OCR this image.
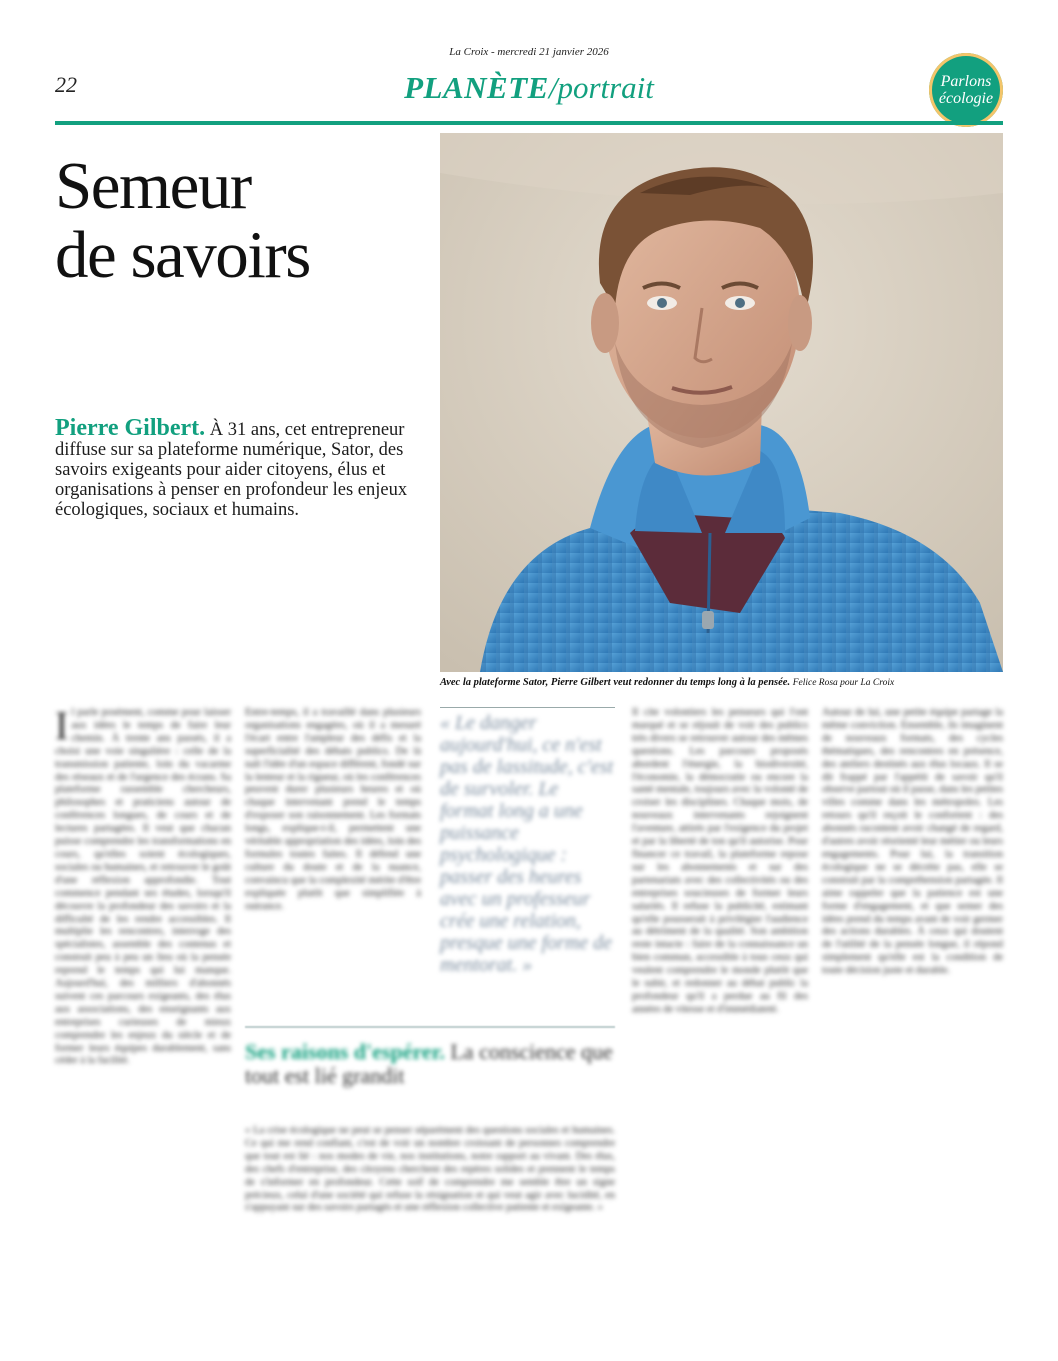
La Croix - mercredi 21 janvier 2026
22	PLANÈTE/portrait	Parlons
écologie
Semeur
de savoirs

Pierre Gilbert. À 31 ans, cet entrepreneur diffuse sur sa plateforme numérique, Sator, des savoirs exigeants pour aider citoyens, élus et organisations à penser en profondeur les enjeux écologiques, sociaux et humains.

Avec la plateforme Sator, Pierre Gilbert veut redonner du temps long à la pensée. Felice Rosa pour La Croix
Il parle posément, comme pour laisser aux idées le temps de faire leur chemin. À trente ans passés, il a choisi une voie singulière : celle de la transmission patiente, loin du vacarme des réseaux et de l'urgence des écrans. Sa plateforme rassemble chercheurs, philosophes et praticiens autour de conférences longues, de cours et de lectures partagées. Il veut que chacun puisse comprendre les transformations en cours, qu'elles soient écologiques, sociales ou humaines, et retrouver le goût d'une réflexion approfondie. Tout commence pendant ses études, lorsqu'il découvre la profondeur des savoirs et la difficulté de les rendre accessibles. Il multiplie les rencontres, interroge des spécialistes, assemble des contenus et construit peu à peu un lieu où la pensée reprend le temps qui lui manque. Aujourd'hui, des milliers d'abonnés suivent ces parcours exigeants, des élus aux associations, des enseignants aux entreprises curieuses de mieux comprendre les enjeux du siècle et de former leurs équipes durablement, sans céder à la facilité.
Entre-temps, il a travaillé dans plusieurs organisations engagées, où il a mesuré l'écart entre l'ampleur des défis et la superficialité des débats publics. De là naît l'idée d'un espace différent, fondé sur la lenteur et la rigueur, où les conférences peuvent durer plusieurs heures et où chaque intervenant prend le temps d'exposer son raisonnement. Les formats longs, explique-t-il, permettent une véritable appropriation des idées, loin des formules toutes faites. Il défend une culture du doute et de la nuance, convaincu que la complexité mérite d'être expliquée plutôt que simplifiée à outrance.
« Le danger aujourd'hui, ce n'est pas de lassitude, c'est de survoler. Le format long a une puissance psychologique : passer des heures avec un professeur crée une relation, presque une forme de mentorat. »
Ses raisons d'espérer. La conscience que tout est lié grandit
« La crise écologique ne peut se penser séparément des questions sociales et humaines. Ce qui me rend confiant, c'est de voir un nombre croissant de personnes comprendre que tout est lié : nos modes de vie, nos institutions, notre rapport au vivant. Des élus, des chefs d'entreprise, des citoyens cherchent des repères solides et prennent le temps de s'informer en profondeur. Cette soif de comprendre me semble être un signe précieux, celui d'une société qui refuse la résignation et qui veut agir avec lucidité, en s'appuyant sur des savoirs partagés et une réflexion collective patiente et exigeante. »
Il cite volontiers les penseurs qui l'ont marqué et se réjouit de voir des publics très divers se retrouver autour des mêmes questions. Les parcours proposés abordent l'énergie, la biodiversité, l'économie, la démocratie ou encore la santé mentale, toujours avec la volonté de croiser les disciplines. Chaque mois, de nouveaux intervenants rejoignent l'aventure, attirés par l'exigence du projet et par la liberté de ton qu'il autorise. Pour financer ce travail, la plateforme repose sur les abonnements et sur des partenariats avec des collectivités ou des entreprises soucieuses de former leurs salariés. Il refuse la publicité, estimant qu'elle pousserait à privilégier l'audience au détriment de la qualité. Son ambition reste intacte : faire de la connaissance un bien commun, accessible à tous ceux qui veulent comprendre le monde plutôt que le subir, et redonner au débat public la profondeur qu'il a perdue au fil des années de vitesse et d'immédiateté.
Autour de lui, une petite équipe partage la même conviction. Ensemble, ils imaginent de nouveaux formats, des cycles thématiques, des rencontres en présence, des ateliers destinés aux élus locaux. Il se dit frappé par l'appétit de savoir qu'il observe partout où il passe, dans les petites villes comme dans les métropoles. Les retours qu'il reçoit le confortent : des abonnés racontent avoir changé de regard, d'autres avoir réorienté leur métier ou leurs engagements. Pour lui, la transition écologique ne se décrète pas, elle se construit par la compréhension partagée. Il aime rappeler que la patience est une forme d'engagement, et que semer des idées prend du temps avant de voir germer des actions durables. À ceux qui doutent de l'utilité de la pensée longue, il répond simplement qu'elle est la condition de toute décision juste et durable.
